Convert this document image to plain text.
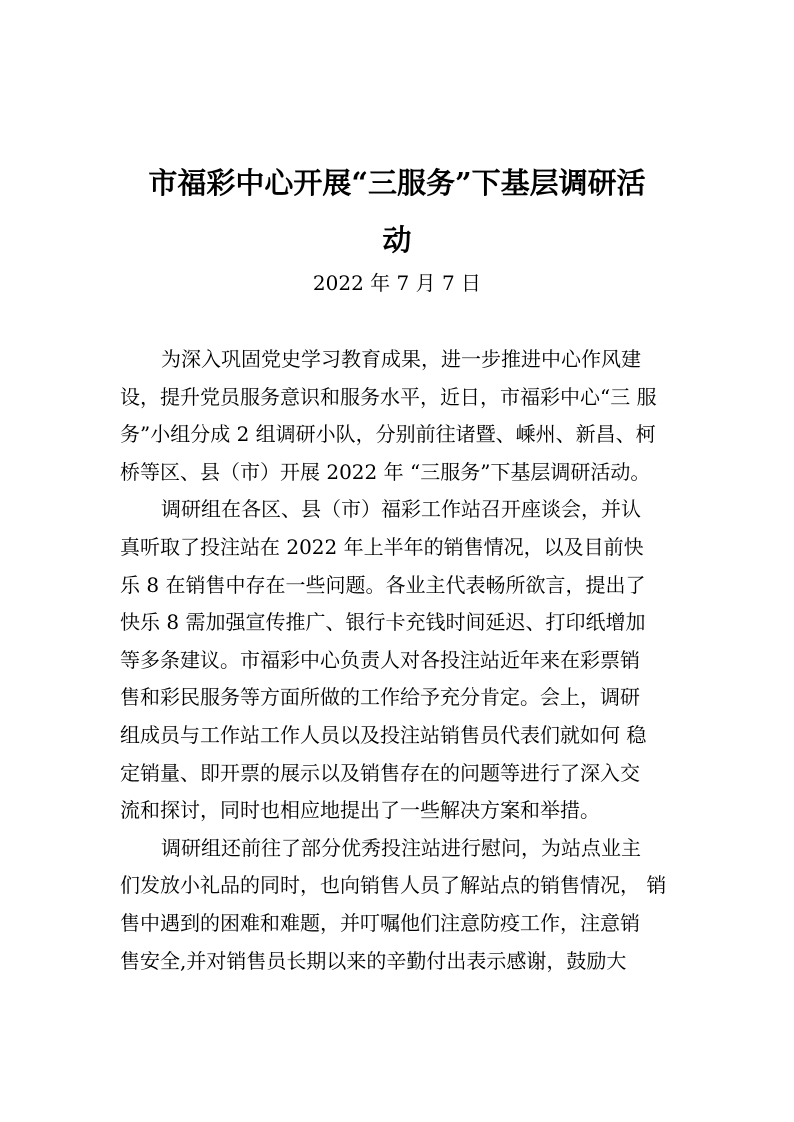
市福彩中心开展“三服务”下基层调研活
动
2022 年 7 月 7 日
为深入巩固党史学习教育成果，进一步推进中心作风建
设，提升党员服务意识和服务水平，近日，市福彩中心“三 服
务”小组分成 2 组调研小队，分别前往诸暨、嵊州、新昌、柯
桥等区、县（市）开展 2022 年 “三服务”下基层调研活动。
调研组在各区、县（市）福彩工作站召开座谈会，并认
真听取了投注站在 2022 年上半年的销售情况，以及目前快
乐 8 在销售中存在一些问题。各业主代表畅所欲言，提出了
快乐 8 需加强宣传推广、银行卡充钱时间延迟、打印纸增加
等多条建议。市福彩中心负责人对各投注站近年来在彩票销
售和彩民服务等方面所做的工作给予充分肯定。会上，调研
组成员与工作站工作人员以及投注站销售员代表们就如何 稳
定销量、即开票的展示以及销售存在的问题等进行了深入交
流和探讨，同时也相应地提出了一些解决方案和举措。
调研组还前往了部分优秀投注站进行慰问，为站点业主
们发放小礼品的同时，也向销售人员了解站点的销售情况， 销
售中遇到的困难和难题，并叮嘱他们注意防疫工作，注意销
售安全,并对销售员长期以来的辛勤付出表示感谢，鼓励大
